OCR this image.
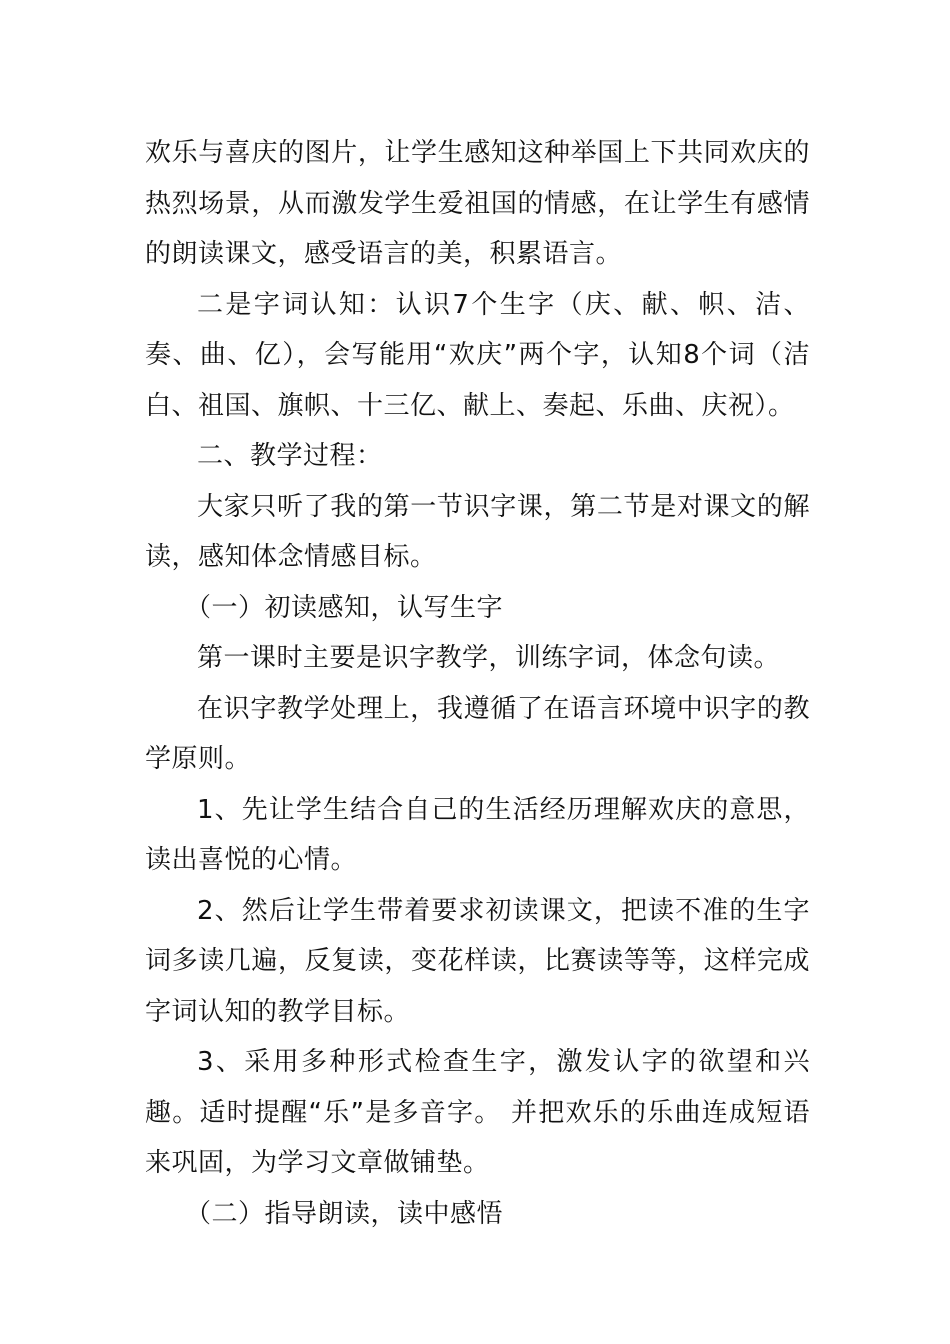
欢乐与喜庆的图片，让学生感知这种举国上下共同欢庆的热烈场景，从而激发学生爱祖国的情感，在让学生有感情的朗读课文，感受语言的美，积累语言。

二是字词认知：认识7个生字（庆、献、帜、洁、奏、曲、亿），会写能用“欢庆”两个字，认知8个词（洁白、祖国、旗帜、十三亿、献上、奏起、乐曲、庆祝）。

二、教学过程：

大家只听了我的第一节识字课，第二节是对课文的解读，感知体念情感目标。

（一）初读感知，认写生字

第一课时主要是识字教学，训练字词，体念句读。

在识字教学处理上，我遵循了在语言环境中识字的教学原则。

1、先让学生结合自己的生活经历理解欢庆的意思，读出喜悦的心情。

2、然后让学生带着要求初读课文，把读不准的生字词多读几遍，反复读，变花样读，比赛读等等，这样完成字词认知的教学目标。

3、采用多种形式检查生字，激发认字的欲望和兴趣。适时提醒“乐”是多音字。 并把欢乐的乐曲连成短语来巩固，为学习文章做铺垫。

（二）指导朗读，读中感悟
